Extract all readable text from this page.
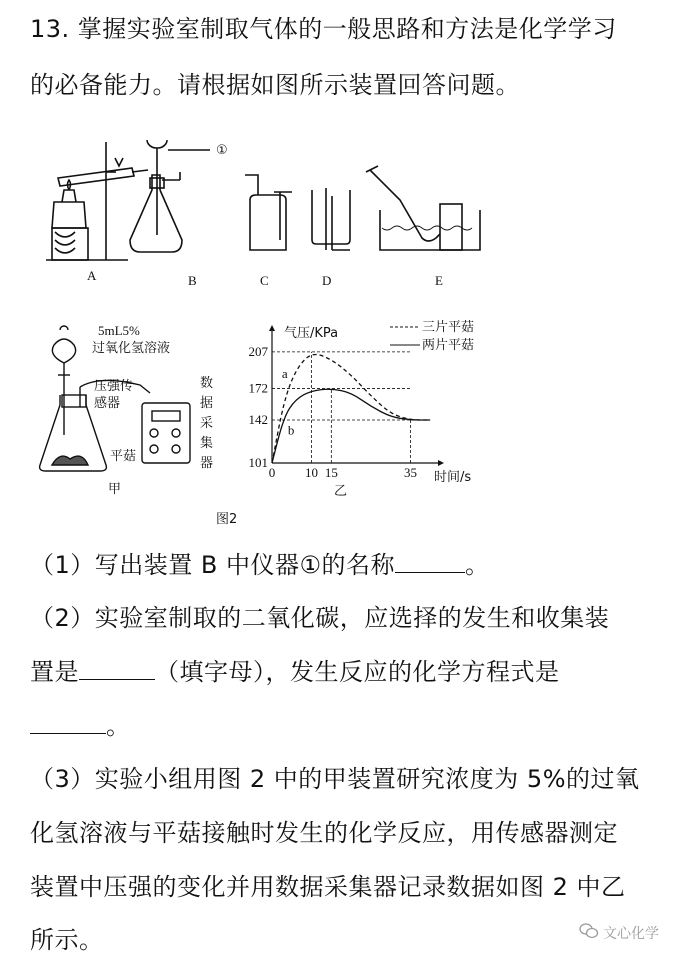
13. 掌握实验室制取气体的一般思路和方法是化学学习
的必备能力。请根据如图所示装置回答问题。
A	B	C	D	E
①
5mL5%
过氧化氢溶液
压强传
感器
数
据
采
集
器
平菇
甲
气压/KPa
时间/s
101
142
172
207
0 10 15	35
a
b
三片平菇
两片平菇
乙
图2
（1）写出装置 B 中仪器①的名称	。
（2）实验室制取的二氧化碳，应选择的发生和收集装
置是	（填字母），发生反应的化学方程式是
。
（3）实验小组用图 2 中的甲装置研究浓度为 5%的过氧
化氢溶液与平菇接触时发生的化学反应，用传感器测定
装置中压强的变化并用数据采集器记录数据如图 2 中乙
所示。	文心化学
